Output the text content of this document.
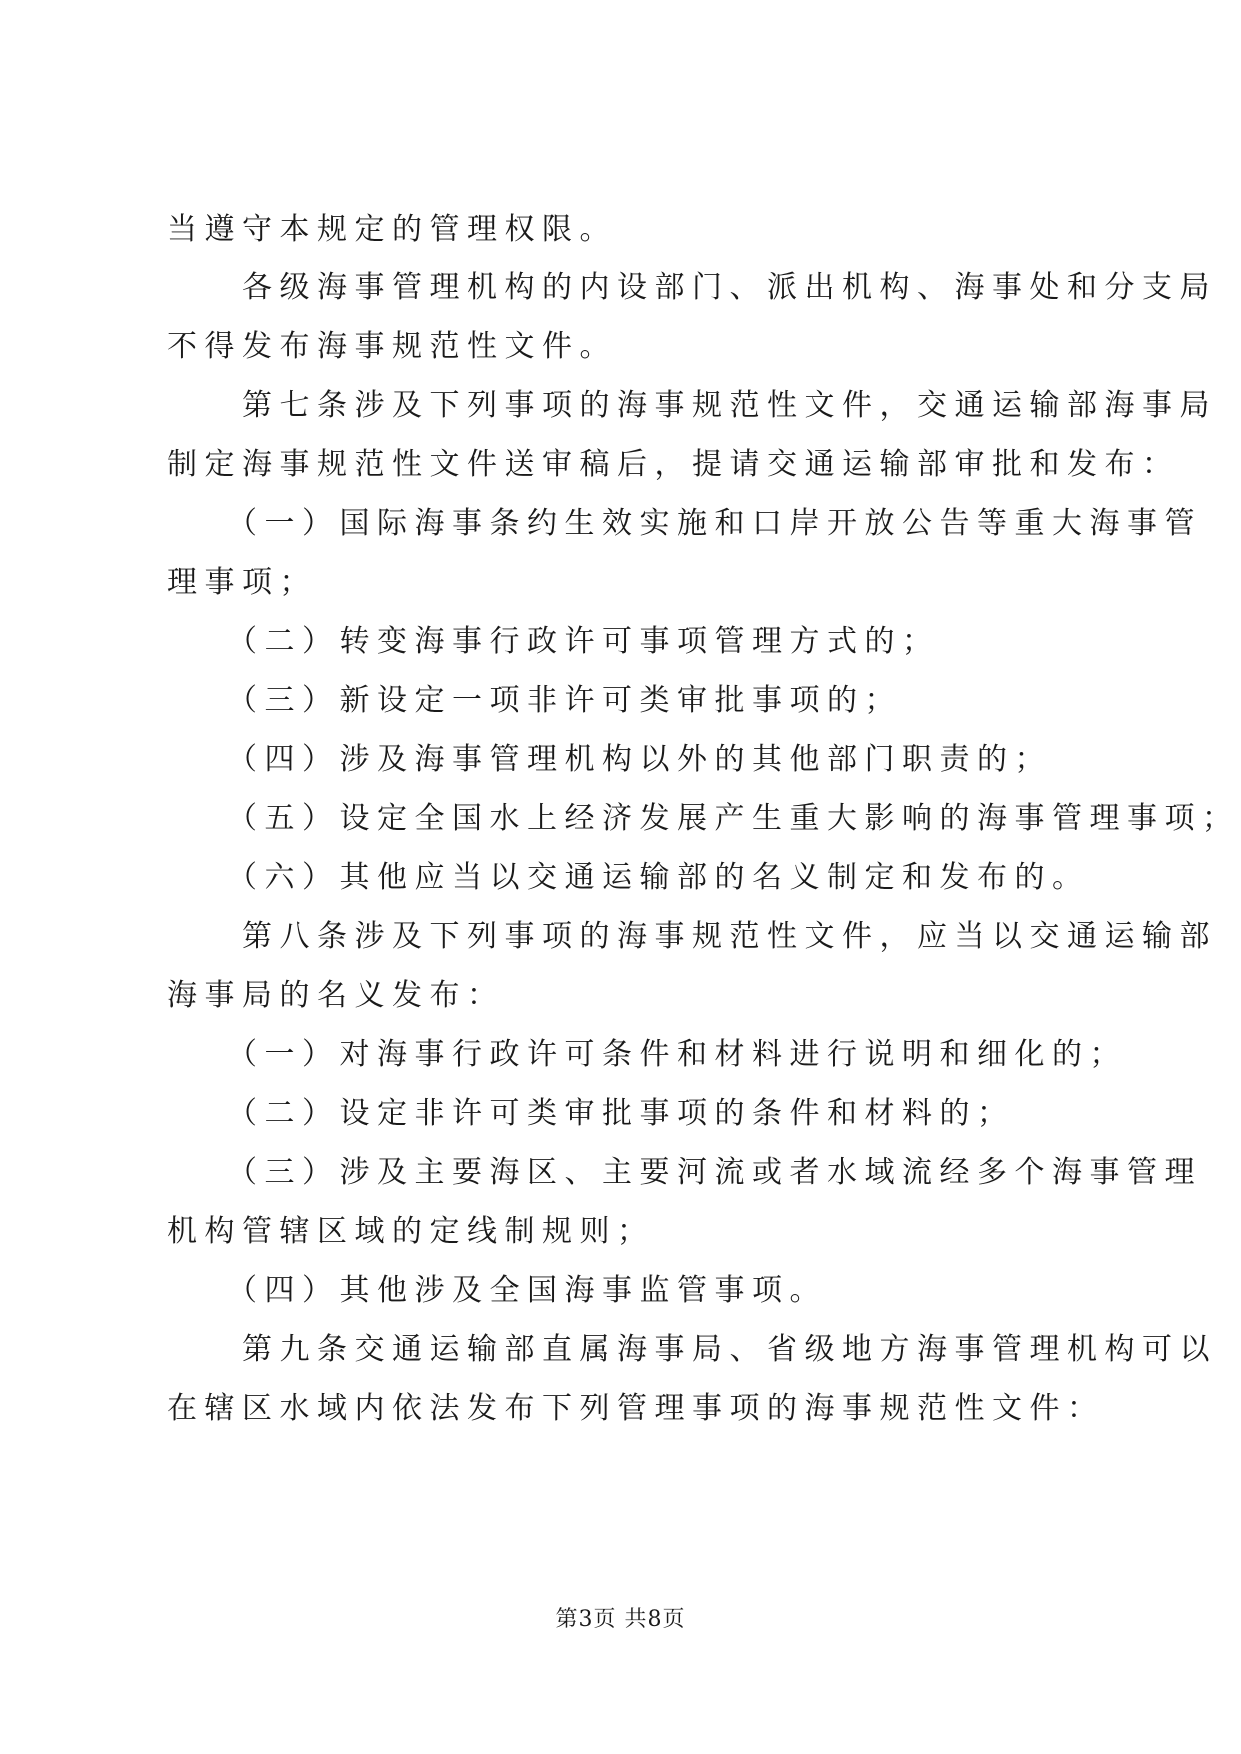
当遵守本规定的管理权限。
　　各级海事管理机构的内设部门、派出机构、海事处和分支局
不得发布海事规范性文件。
　　第七条涉及下列事项的海事规范性文件，交通运输部海事局
制定海事规范性文件送审稿后，提请交通运输部审批和发布：
　　（一）国际海事条约生效实施和口岸开放公告等重大海事管
理事项；
　　（二）转变海事行政许可事项管理方式的；
　　（三）新设定一项非许可类审批事项的；
　　（四）涉及海事管理机构以外的其他部门职责的；
　　（五）设定全国水上经济发展产生重大影响的海事管理事项；
　　（六）其他应当以交通运输部的名义制定和发布的。
　　第八条涉及下列事项的海事规范性文件，应当以交通运输部
海事局的名义发布：
　　（一）对海事行政许可条件和材料进行说明和细化的；
　　（二）设定非许可类审批事项的条件和材料的；
　　（三）涉及主要海区、主要河流或者水域流经多个海事管理
机构管辖区域的定线制规则；
　　（四）其他涉及全国海事监管事项。
　　第九条交通运输部直属海事局、省级地方海事管理机构可以
在辖区水域内依法发布下列管理事项的海事规范性文件：
第3页 共8页
